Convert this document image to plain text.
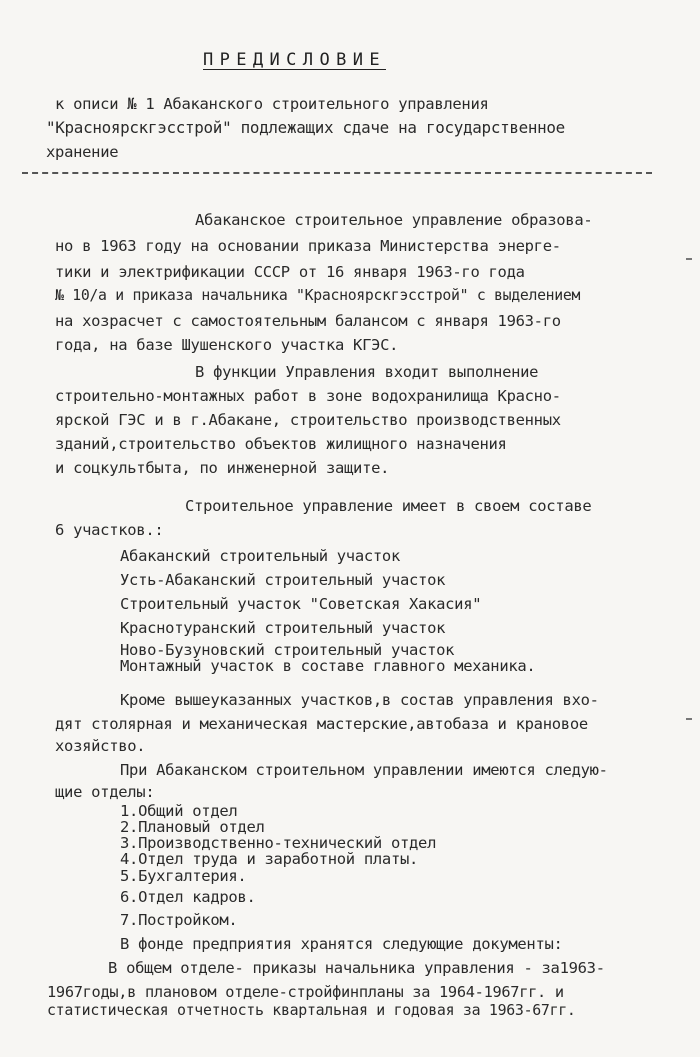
ПРЕДИСЛОВИЕ
к описи № 1 Абаканского строительного управления
"Красноярскгэсстрой" подлежащих сдаче на государственное
хранение
Абаканское строительное управление образова-
но в 1963 году на основании приказа Министерства энерге-
тики и электрификации СССР от 16 января 1963-го года
№ 10/а и приказа начальника "Красноярскгэсстрой" с выделением
на хозрасчет с самостоятельным балансом с января 1963-го
года, на базе Шушенского участка КГЭС.
В функции Управления входит выполнение
строительно-монтажных работ в зоне водохранилища Красно-
ярской ГЭС и в г.Абакане, строительство производственных
зданий,строительство объектов жилищного назначения
и соцкультбыта, по инженерной защите.
Строительное управление имеет в своем составе
6 участков.:
Абаканский строительный участок
Усть-Абаканский строительный участок
Строительный участок "Советская Хакасия"
Краснотуранский строительный участок
Ново-Бузуновский строительный участок
Монтажный участок в составе главного механика.
Кроме вышеуказанных участков,в состав управления вхо-
дят столярная и механическая мастерские,автобаза и крановое
хозяйство.
При Абаканском строительном управлении имеются следую-
щие отделы:
1.Общий отдел
2.Плановый отдел
3.Производственно-технический отдел
4.Отдел труда и заработной платы.
5.Бухгалтерия.
6.Отдел кадров.
7.Постройком.
В фонде предприятия хранятся следующие документы:
В общем отделе- приказы начальника управления - за1963-
1967годы,в плановом отделе-стройфинпланы за 1964-1967гг. и
статистическая отчетность квартальная и годовая за 1963-67гг.
